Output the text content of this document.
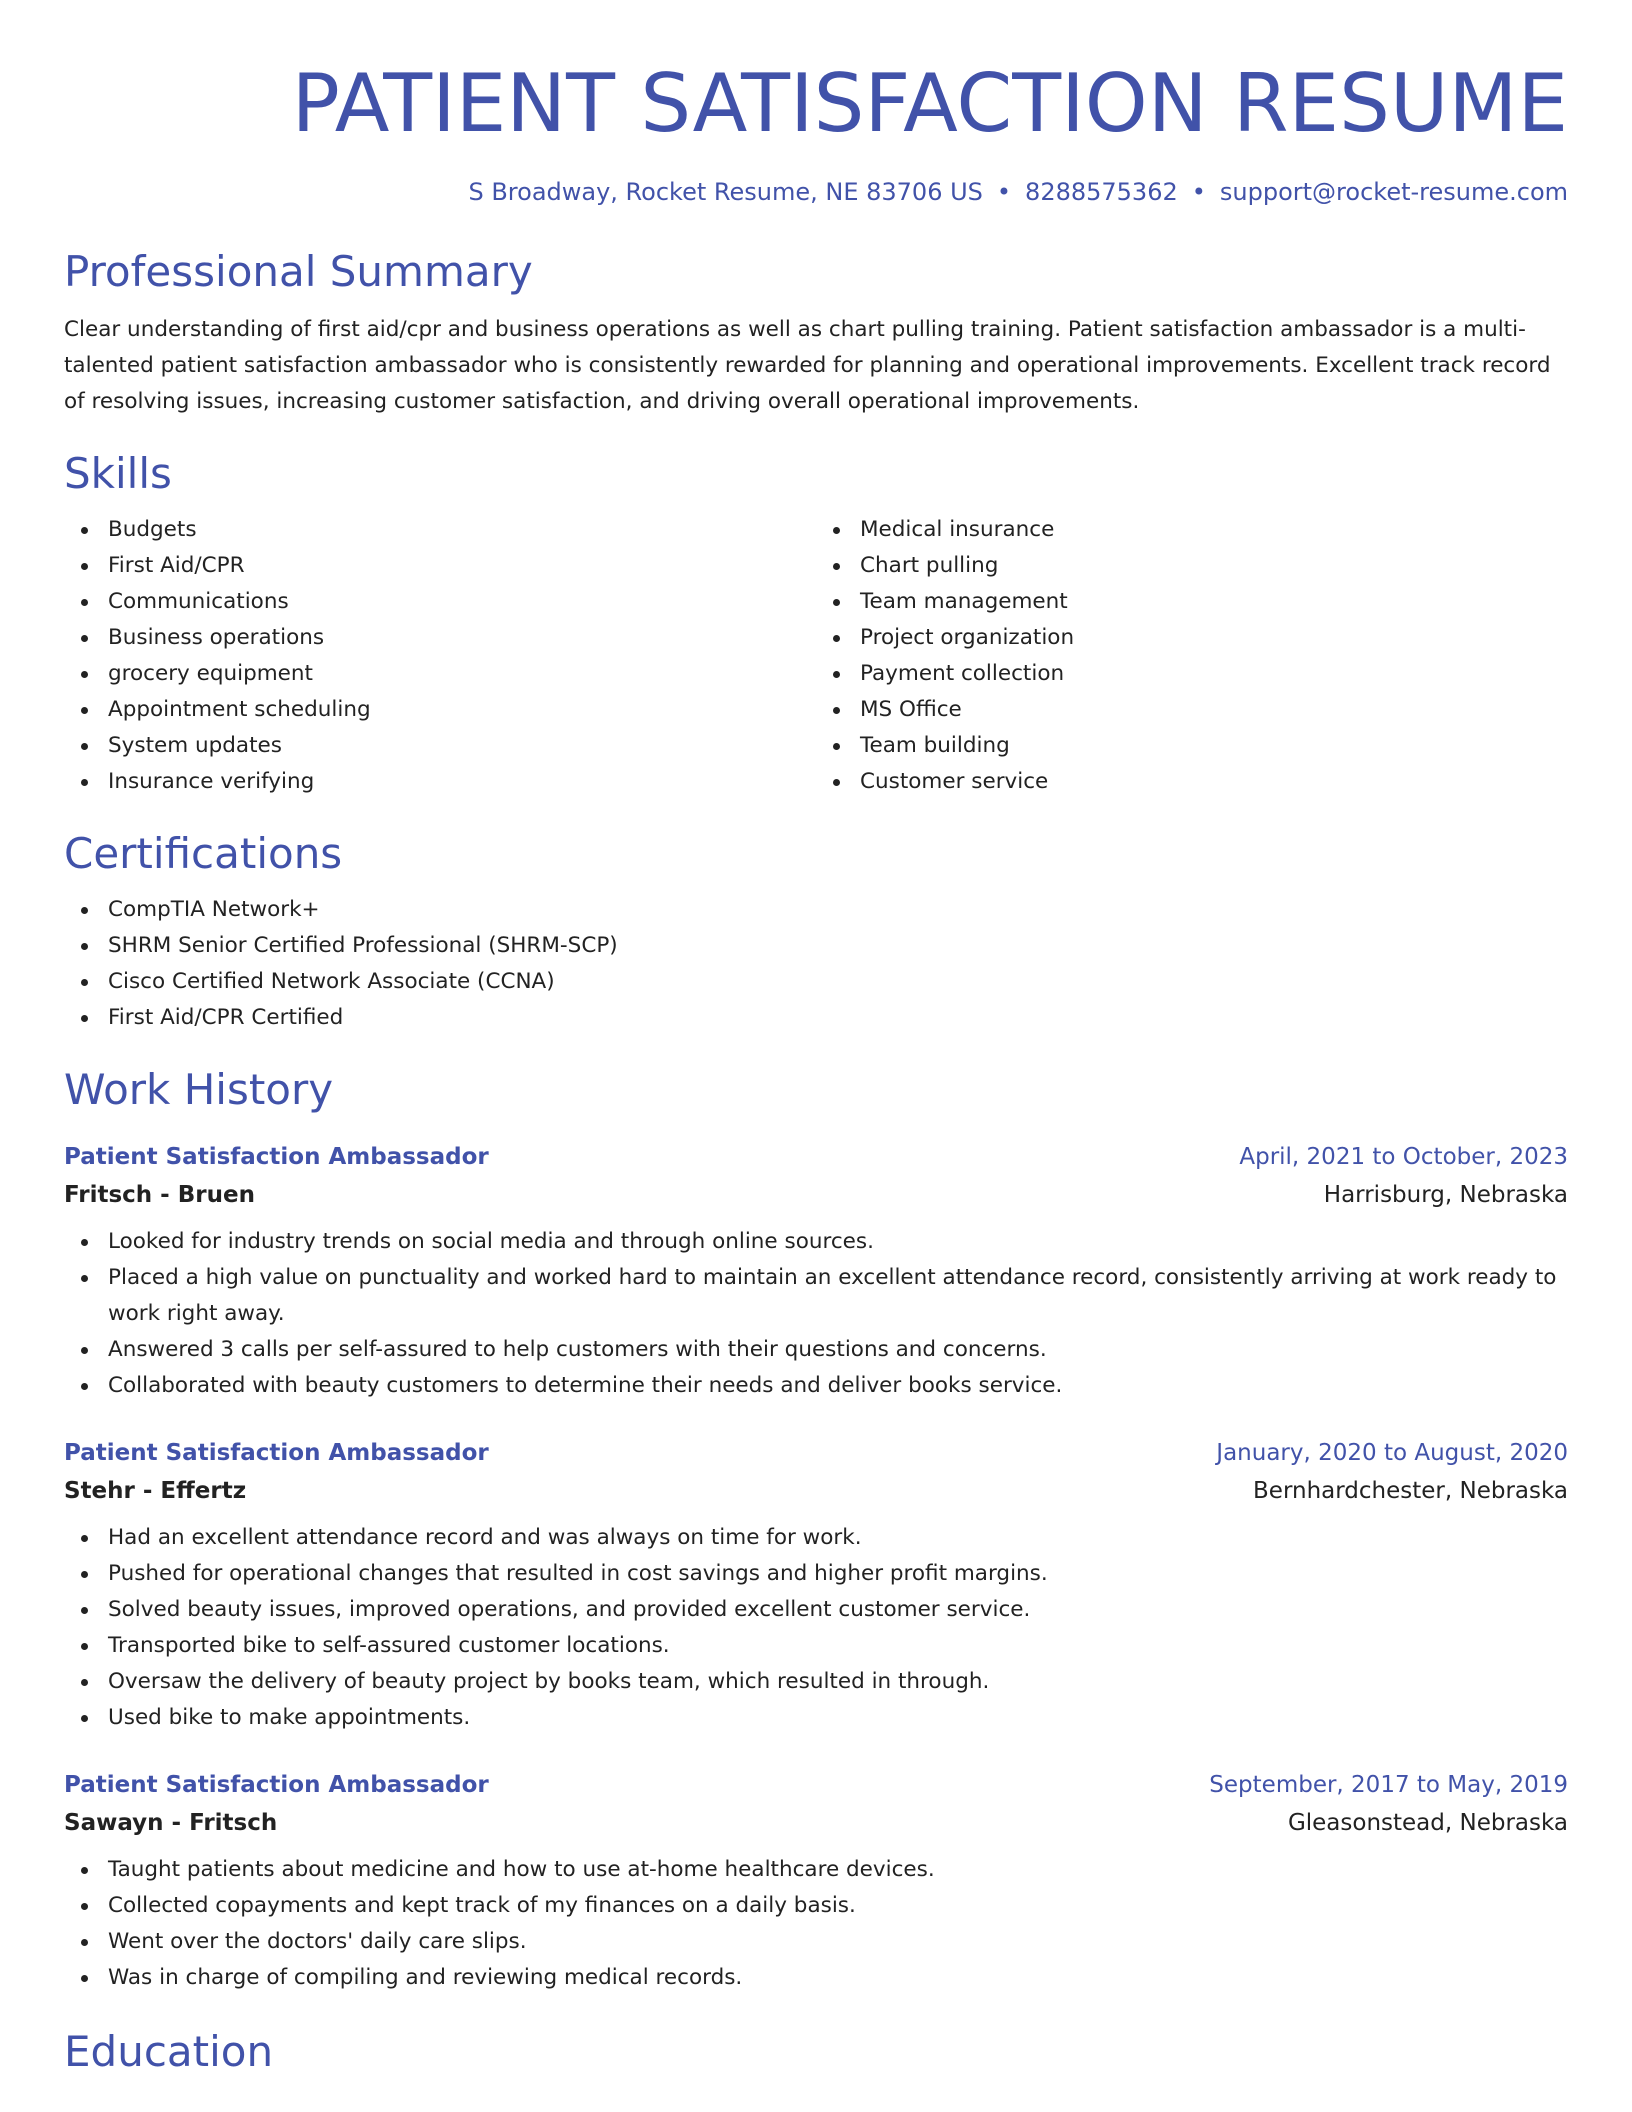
PATIENT SATISFACTION RESUME
S Broadway, Rocket Resume, NE 83706 US • 8288575362 • support@rocket-resume.com
Professional Summary

Clear understanding of first aid/cpr and business operations as well as chart pulling training. Patient satisfaction ambassador is a multi-talented patient satisfaction ambassador who is consistently rewarded for planning and operational improvements. Excellent track record of resolving issues, increasing customer satisfaction, and driving overall operational improvements.

Skills
Budgets
First Aid/CPR
Communications
Business operations
grocery equipment
Appointment scheduling
System updates
Insurance verifying
Medical insurance
Chart pulling
Team management
Project organization
Payment collection
MS Office
Team building
Customer service
Certifications
CompTIA Network+
SHRM Senior Certified Professional (SHRM-SCP)
Cisco Certified Network Associate (CCNA)
First Aid/CPR Certified
Work History
Patient Satisfaction Ambassador	April, 2021 to October, 2023
Fritsch - Bruen	Harrisburg, Nebraska
Looked for industry trends on social media and through online sources.
Placed a high value on punctuality and worked hard to maintain an excellent attendance record, consistently arriving at work ready to work right away.
Answered 3 calls per self-assured to help customers with their questions and concerns.
Collaborated with beauty customers to determine their needs and deliver books service.
Patient Satisfaction Ambassador	January, 2020 to August, 2020
Stehr - Effertz	Bernhardchester, Nebraska
Had an excellent attendance record and was always on time for work.
Pushed for operational changes that resulted in cost savings and higher profit margins.
Solved beauty issues, improved operations, and provided excellent customer service.
Transported bike to self-assured customer locations.
Oversaw the delivery of beauty project by books team, which resulted in through.
Used bike to make appointments.
Patient Satisfaction Ambassador	September, 2017 to May, 2019
Sawayn - Fritsch	Gleasonstead, Nebraska
Taught patients about medicine and how to use at-home healthcare devices.
Collected copayments and kept track of my finances on a daily basis.
Went over the doctors' daily care slips.
Was in charge of compiling and reviewing medical records.
Education
